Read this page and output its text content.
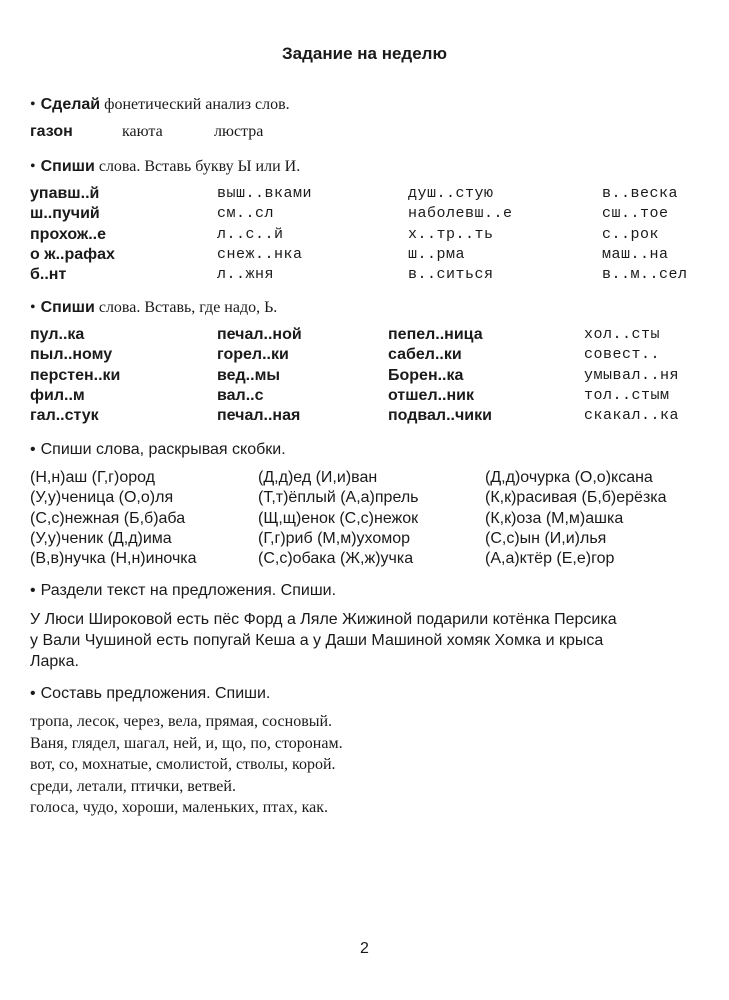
Задание на неделю
• Сделай фонетический анализ слов.
газон	каюта	люстра
• Спиши слова. Вставь букву Ы или И.
упавш..й	выш..вками	душ..стую	в..веска
ш..пучий	см..сл	наболевш..е	сш..тое
прохож..е	л..с..й	х..тр..ть	с..рок
о ж..рафах	снеж..нка	ш..рма	маш..на
б..нт	л..жня	в..ситься	в..м..сел
• Спиши слова. Вставь, где надо, Ь.
пул..ка	печал..ной	пепел..ница	хол..сты
пыл..ному	горел..ки	сабел..ки	совест..
перстен..ки	вед..мы	Борен..ка	умывал..ня
фил..м	вал..с	отшел..ник	тол..стым
гал..стук	печал..ная	подвал..чики	скакал..ка
• Спиши слова, раскрывая скобки.
(Н,н)аш (Г,г)ород	(Д,д)ед (И,и)ван	(Д,д)очурка (О,о)ксана
(У,у)ченица (О,о)ля	(Т,т)ёплый (А,а)прель	(К,к)расивая (Б,б)ерёзка
(С,с)нежная (Б,б)аба	(Щ,щ)енок (С,с)нежок	(К,к)оза (М,м)ашка
(У,у)ченик (Д,д)има	(Г,г)риб (М,м)ухомор	(С,с)ын (И,и)лья
(В,в)нучка (Н,н)иночка	(С,с)обака (Ж,ж)учка	(А,а)ктёр (Е,е)гор
• Раздели текст на предложения. Спиши.
У Люси Широковой есть пёс Форд а Ляле Жижиной подарили котёнка Персика
у Вали Чушиной есть попугай Кеша а у Даши Машиной хомяк Хомка и крыса
Ларка.
• Составь предложения. Спиши.
тропа, лесок, через, вела, прямая, сосновый.
Ваня, глядел, шагал, ней, и, що, по, сторонам.
вот, со, мохнатые, смолистой, стволы, корой.
среди, летали, птички, ветвей.
голоса, чудо, хороши, маленьких, птах, как.
2
